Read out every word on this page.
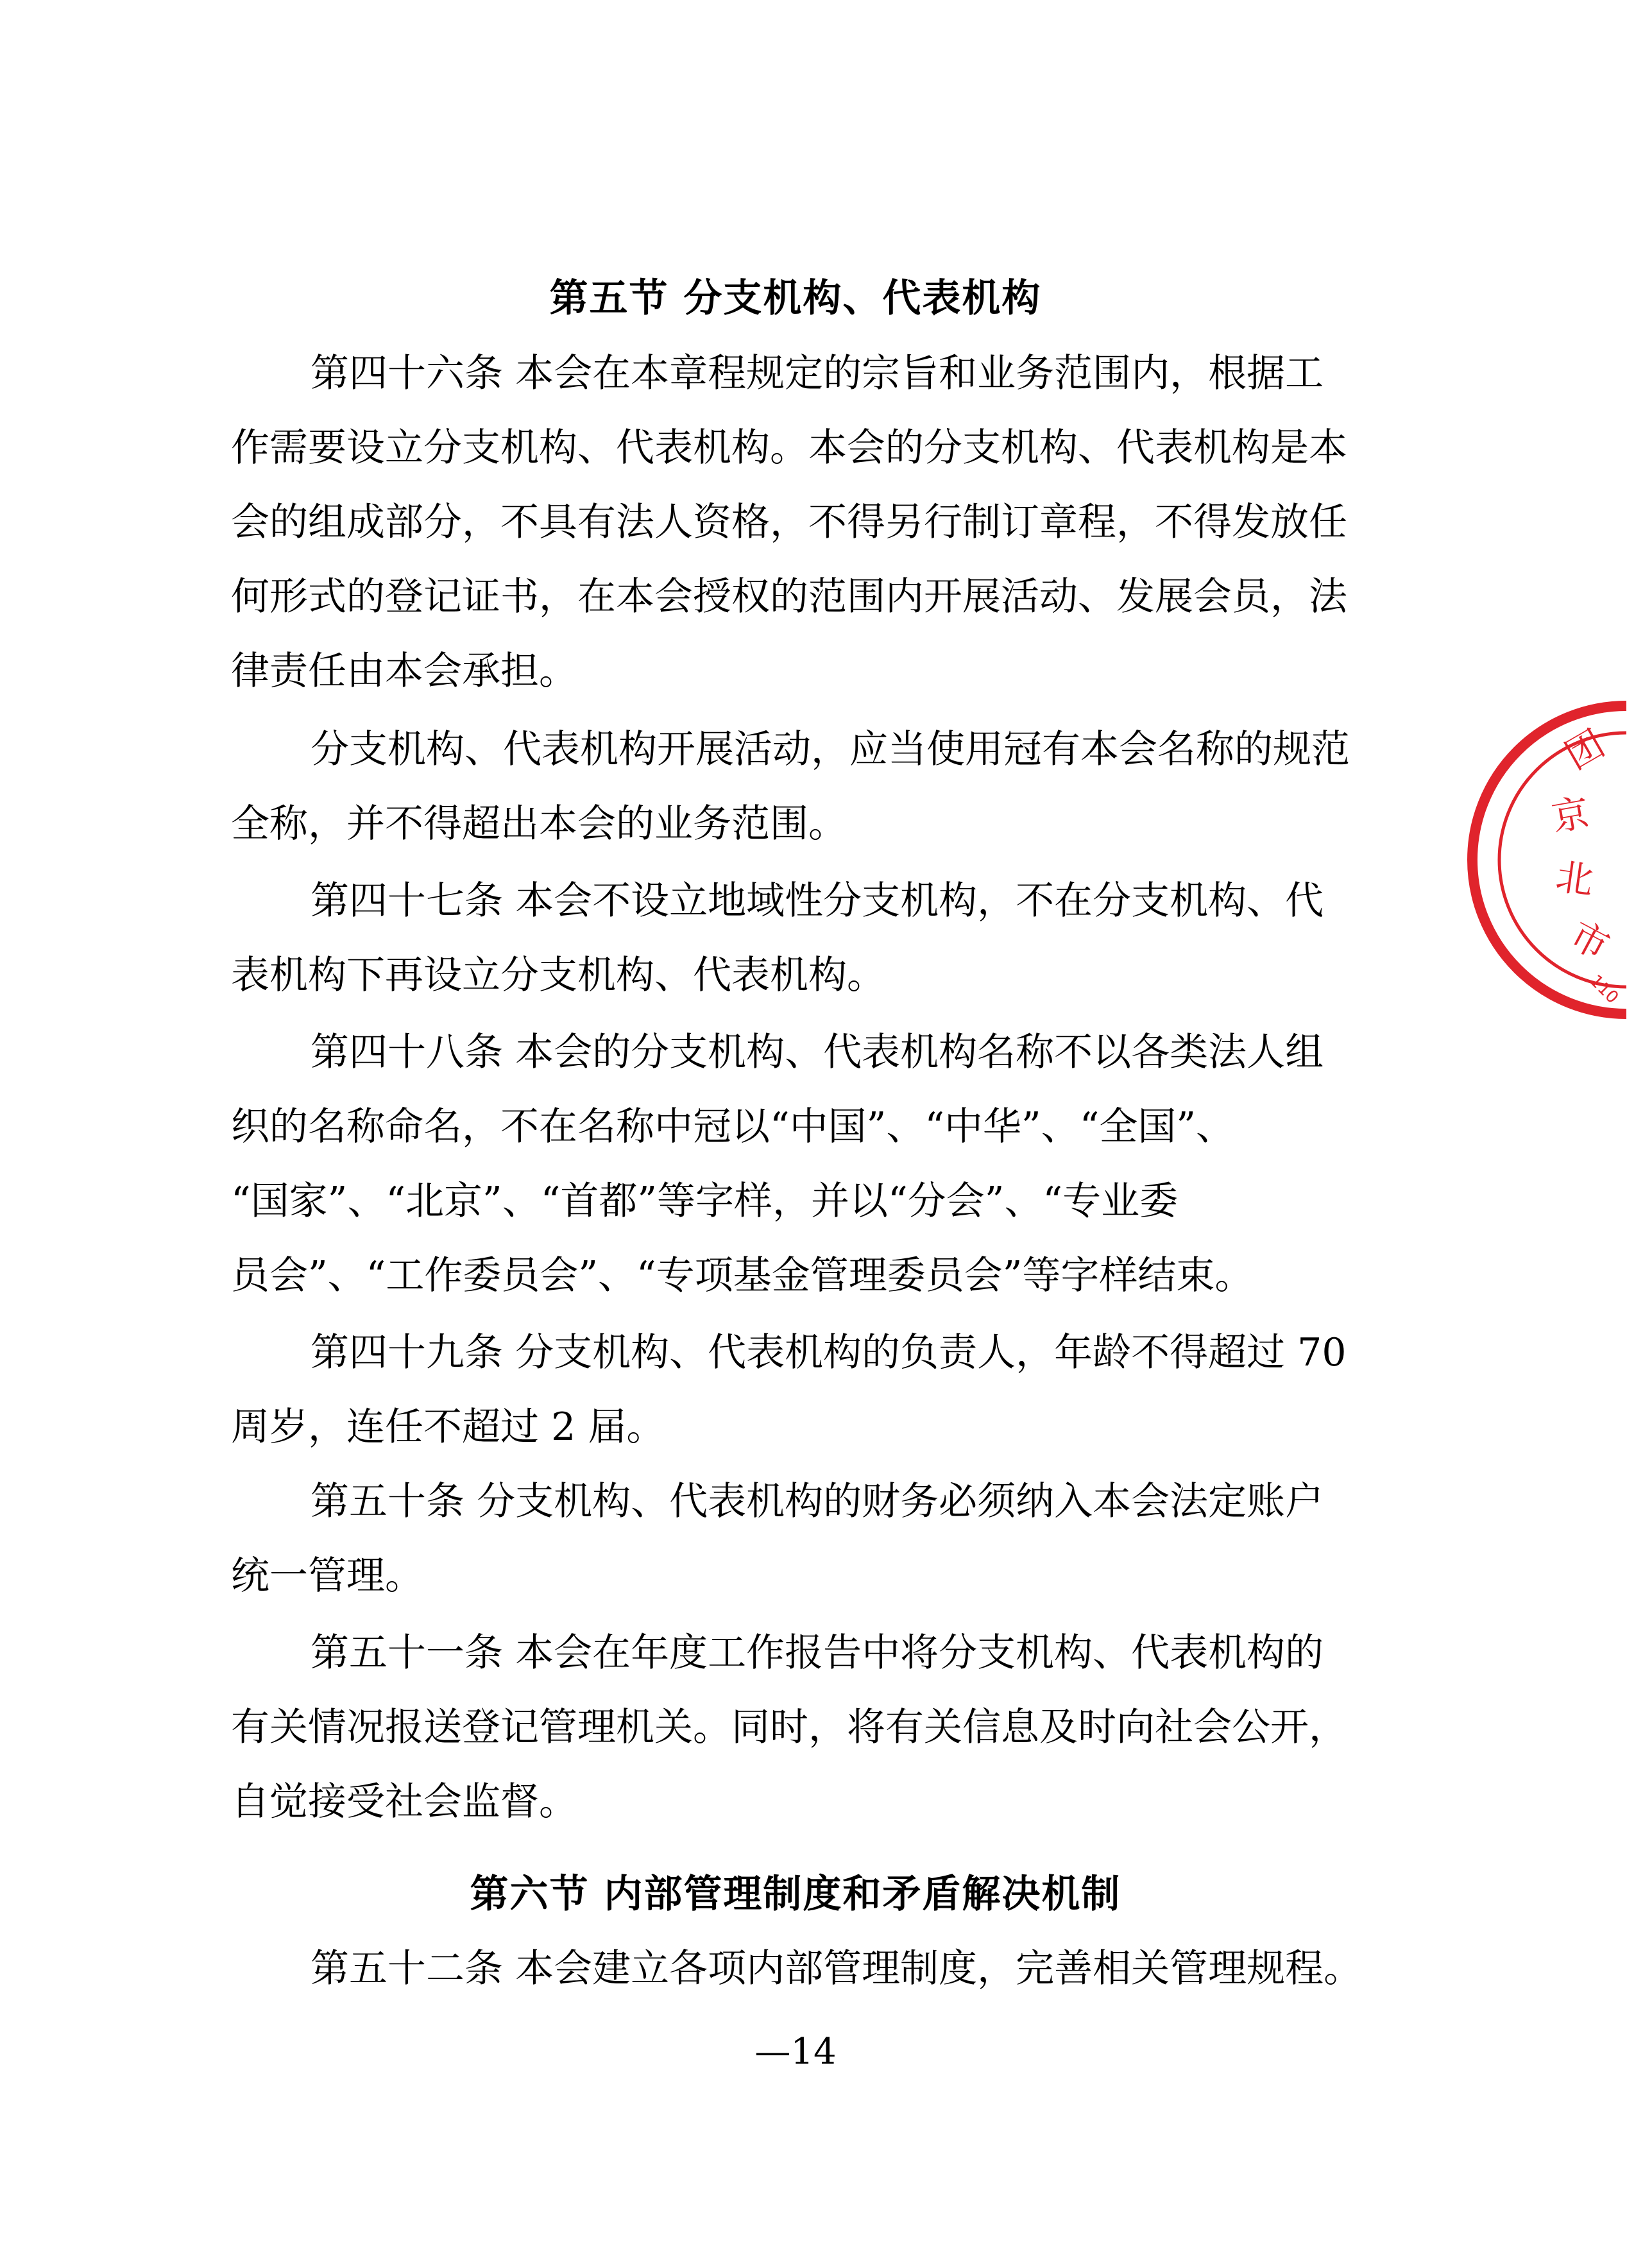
第五节 分支机构、代表机构
第四十六条 本会在本章程规定的宗旨和业务范围内，根据工
作需要设立分支机构、代表机构。本会的分支机构、代表机构是本
会的组成部分，不具有法人资格，不得另行制订章程，不得发放任
何形式的登记证书，在本会授权的范围内开展活动、发展会员，法
律责任由本会承担。
分支机构、代表机构开展活动，应当使用冠有本会名称的规范
全称，并不得超出本会的业务范围。
第四十七条 本会不设立地域性分支机构，不在分支机构、代
表机构下再设立分支机构、代表机构。
第四十八条 本会的分支机构、代表机构名称不以各类法人组
织的名称命名，不在名称中冠以“中国”、“中华”、“全国”、
“国家”、“北京”、“首都”等字样，并以“分会”、“专业委
员会”、“工作委员会”、“专项基金管理委员会”等字样结束。
第四十九条 分支机构、代表机构的负责人，年龄不得超过 70
周岁，连任不超过 2 届。
第五十条 分支机构、代表机构的财务必须纳入本会法定账户
统一管理。
第五十一条 本会在年度工作报告中将分支机构、代表机构的
有关情况报送登记管理机关。同时，将有关信息及时向社会公开，
自觉接受社会监督。
第六节 内部管理制度和矛盾解决机制
第五十二条 本会建立各项内部管理制度，完善相关管理规程。
—14
团
京
北
市
110
